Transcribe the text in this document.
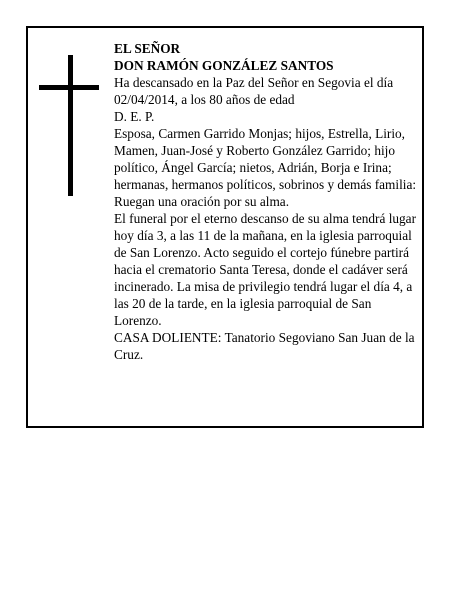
EL SEÑOR

DON RAMÓN GONZÁLEZ SANTOS

Ha descansado en la Paz del Señor en Segovia el día 02/04/2014, a los 80 años de edad

D. E. P.

Esposa, Carmen Garrido Monjas; hijos, Estrella, Lirio, Mamen, Juan-José y Roberto González Garrido; hijo político, Ángel García; nietos, Adrián, Borja e Irina; hermanas, hermanos políticos, sobrinos y demás familia:

Ruegan una oración por su alma.

El funeral por el eterno descanso de su alma tendrá lugar hoy día 3, a las 11 de la mañana, en la iglesia parroquial de San Lorenzo. Acto seguido el cortejo fúnebre partirá hacia el crematorio Santa Teresa, donde el cadáver será incinerado. La misa de privilegio tendrá lugar el día 4, a las 20 de la tarde, en la iglesia parroquial de San Lorenzo.

CASA DOLIENTE: Tanatorio Segoviano San Juan de la Cruz.
